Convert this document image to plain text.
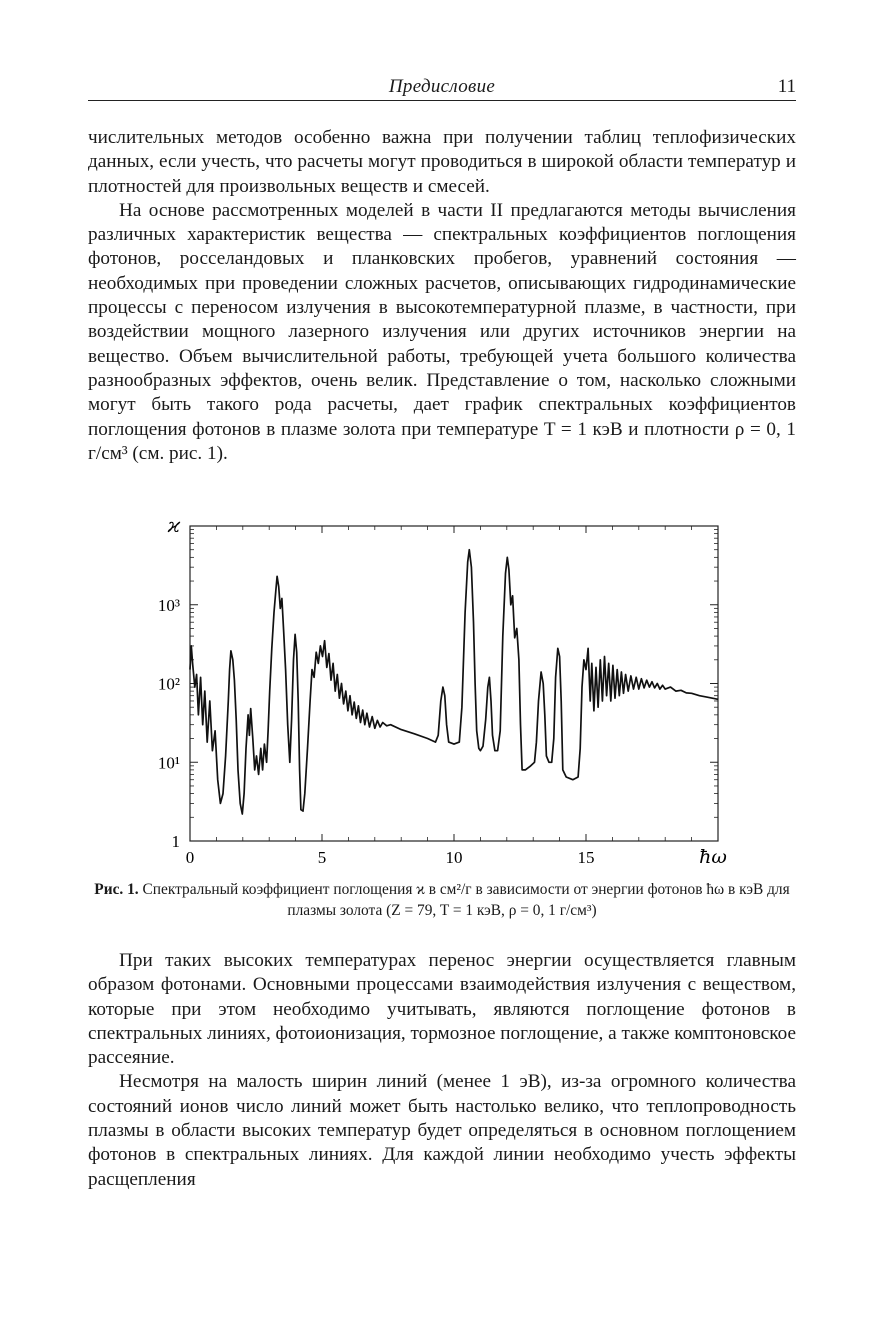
Предисловие	11

числительных методов особенно важна при получении таблиц теплофизических данных, если учесть, что расчеты могут проводиться в широкой области температур и плотностей для произвольных веществ и смесей.

На основе рассмотренных моделей в части II предлагаются методы вычисления различных характеристик вещества — спектральных коэффициентов поглощения фотонов, росселандовых и планковских пробегов, уравнений состояния — необходимых при проведении сложных расчетов, описывающих гидродинамические процессы с переносом излучения в высокотемпературной плазме, в частности, при воздействии мощного лазерного излучения или других источников энергии на вещество. Объем вычислительной работы, требующей учета большого количества разнообразных эффектов, очень велик. Представление о том, насколько сложными могут быть такого рода расчеты, дает график спектральных коэффициентов поглощения фотонов в плазме золота при температуре T = 1 кэВ и плотности ρ = 0, 1 г/см³ (см. рис. 1).

0	5	10	15
1
10¹
10²
10³
ϰ
ħω
Рис. 1. Спектральный коэффициент поглощения ϰ в см²/г в зависимости от энергии фотонов ħω в кэВ для плазмы золота (Z = 79, T = 1 кэВ, ρ = 0, 1 г/см³)

При таких высоких температурах перенос энергии осуществляется главным образом фотонами. Основными процессами взаимодействия излучения с веществом, которые при этом необходимо учитывать, являются поглощение фотонов в спектральных линиях, фотоионизация, тормозное поглощение, а также комптоновское рассеяние.

Несмотря на малость ширин линий (менее 1 эВ), из-за огромного количества состояний ионов число линий может быть настолько велико, что теплопроводность плазмы в области высоких температур будет определяться в основном поглощением фотонов в спектральных линиях. Для каждой линии необходимо учесть эффекты расщепления
